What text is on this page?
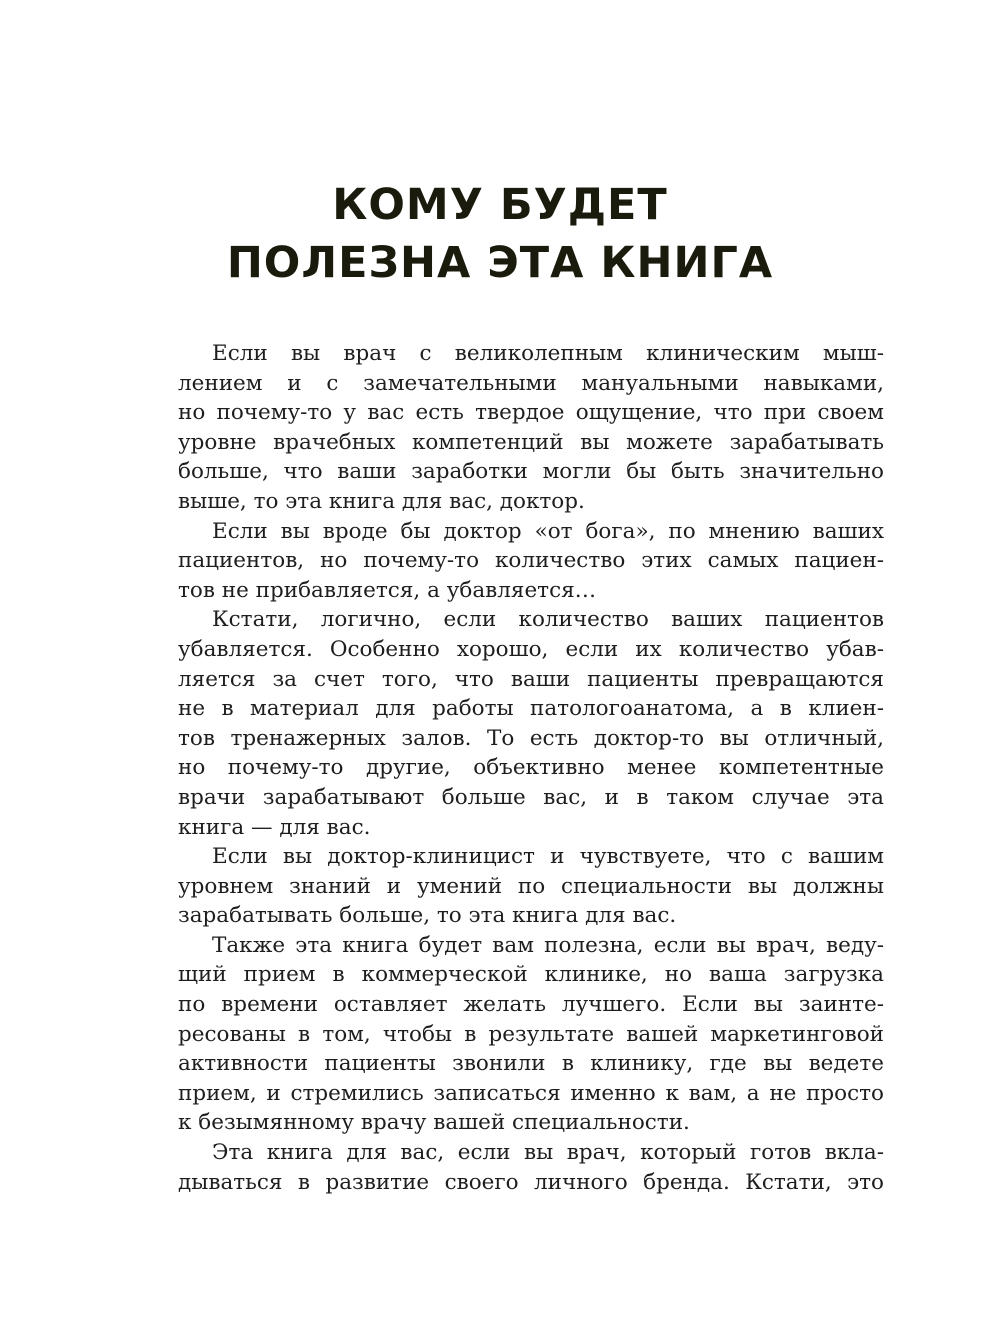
КОМУ БУДЕТ
ПОЛЕЗНА ЭТА КНИГА
Если вы врач с великолепным клиническим мыш-
лением и с замечательными мануальными навыками,
но почему-то у вас есть твердое ощущение, что при своем
уровне врачебных компетенций вы можете зарабатывать
больше, что ваши заработки могли бы быть значительно
выше, то эта книга для вас, доктор.
Если вы вроде бы доктор «от бога», по мнению ваших
пациентов, но почему-то количество этих самых пациен-
тов не прибавляется, а убавляется…
Кстати, логично, если количество ваших пациентов
убавляется. Особенно хорошо, если их количество убав-
ляется за счет того, что ваши пациенты превращаются
не в материал для работы патологоанатома, а в клиен-
тов тренажерных залов. То есть доктор-то вы отличный,
но почему-то другие, объективно менее компетентные
врачи зарабатывают больше вас, и в таком случае эта
книга — для вас.
Если вы доктор-клиницист и чувствуете, что с вашим
уровнем знаний и умений по специальности вы должны
зарабатывать больше, то эта книга для вас.
Также эта книга будет вам полезна, если вы врач, веду-
щий прием в коммерческой клинике, но ваша загрузка
по времени оставляет желать лучшего. Если вы заинте-
ресованы в том, чтобы в результате вашей маркетинговой
активности пациенты звонили в клинику, где вы ведете
прием, и стремились записаться именно к вам, а не просто
к безымянному врачу вашей специальности.
Эта книга для вас, если вы врач, который готов вкла-
дываться в развитие своего личного бренда. Кстати, это
